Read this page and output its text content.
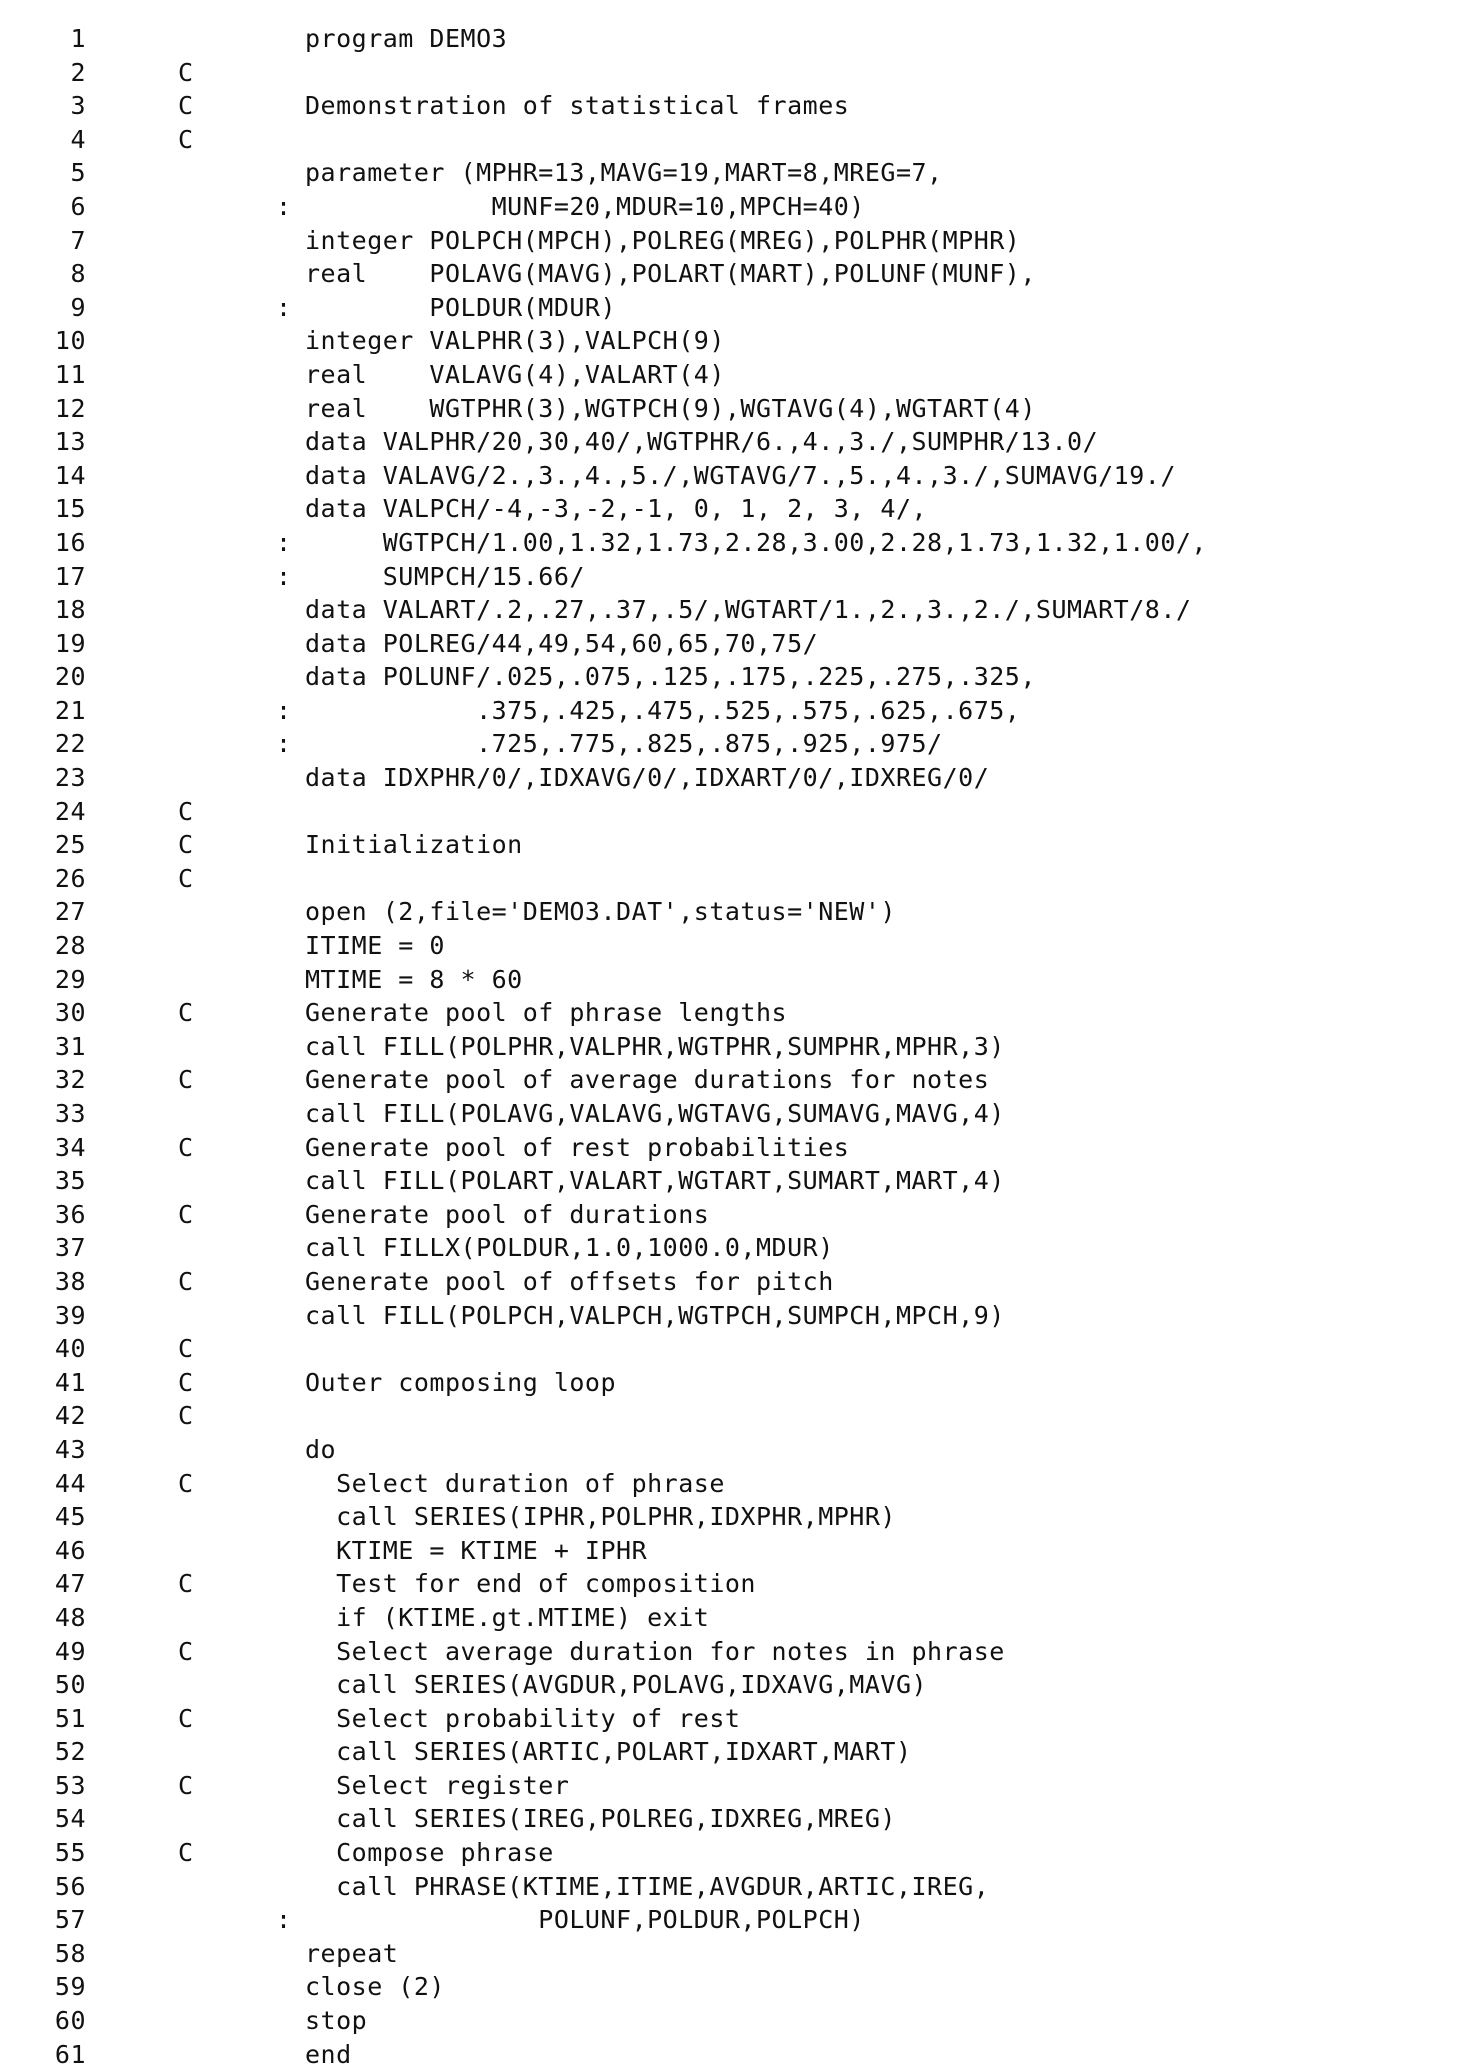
1	program DEMO3
2	C
3	C	Demonstration of statistical frames
4	C
5	parameter (MPHR=13,MAVG=19,MART=8,MREG=7,
6	: MUNF=20,MDUR=10,MPCH=40)
7	integer POLPCH(MPCH),POLREG(MREG),POLPHR(MPHR)
8	real    POLAVG(MAVG),POLART(MART),POLUNF(MUNF),
9	: POLDUR(MDUR)
10	integer VALPHR(3),VALPCH(9)
11	real    VALAVG(4),VALART(4)
12	real    WGTPHR(3),WGTPCH(9),WGTAVG(4),WGTART(4)
13	data VALPHR/20,30,40/,WGTPHR/6.,4.,3./,SUMPHR/13.0/
14	data VALAVG/2.,3.,4.,5./,WGTAVG/7.,5.,4.,3./,SUMAVG/19./
15	data VALPCH/-4,-3,-2,-1, 0, 1, 2, 3, 4/,
16	: WGTPCH/1.00,1.32,1.73,2.28,3.00,2.28,1.73,1.32,1.00/,
17	: SUMPCH/15.66/
18	data VALART/.2,.27,.37,.5/,WGTART/1.,2.,3.,2./,SUMART/8./
19	data POLREG/44,49,54,60,65,70,75/
20	data POLUNF/.025,.075,.125,.175,.225,.275,.325,
21	: .375,.425,.475,.525,.575,.625,.675,
22	: .725,.775,.825,.875,.925,.975/
23	data IDXPHR/0/,IDXAVG/0/,IDXART/0/,IDXREG/0/
24	C
25	C	Initialization
26	C
27	open (2,file='DEMO3.DAT',status='NEW')
28	ITIME = 0
29	MTIME = 8 * 60
30	C	Generate pool of phrase lengths
31	call FILL(POLPHR,VALPHR,WGTPHR,SUMPHR,MPHR,3)
32	C	Generate pool of average durations for notes
33	call FILL(POLAVG,VALAVG,WGTAVG,SUMAVG,MAVG,4)
34	C	Generate pool of rest probabilities
35	call FILL(POLART,VALART,WGTART,SUMART,MART,4)
36	C	Generate pool of durations
37	call FILLX(POLDUR,1.0,1000.0,MDUR)
38	C	Generate pool of offsets for pitch
39	call FILL(POLPCH,VALPCH,WGTPCH,SUMPCH,MPCH,9)
40	C
41	C	Outer composing loop
42	C
43	do
44	C	Select duration of phrase
45	call SERIES(IPHR,POLPHR,IDXPHR,MPHR)
46	KTIME = KTIME + IPHR
47	C	Test for end of composition
48	if (KTIME.gt.MTIME) exit
49	C	Select average duration for notes in phrase
50	call SERIES(AVGDUR,POLAVG,IDXAVG,MAVG)
51	C	Select probability of rest
52	call SERIES(ARTIC,POLART,IDXART,MART)
53	C	Select register
54	call SERIES(IREG,POLREG,IDXREG,MREG)
55	C	Compose phrase
56	call PHRASE(KTIME,ITIME,AVGDUR,ARTIC,IREG,
57	: POLUNF,POLDUR,POLPCH)
58	repeat
59	close (2)
60	stop
61	end
